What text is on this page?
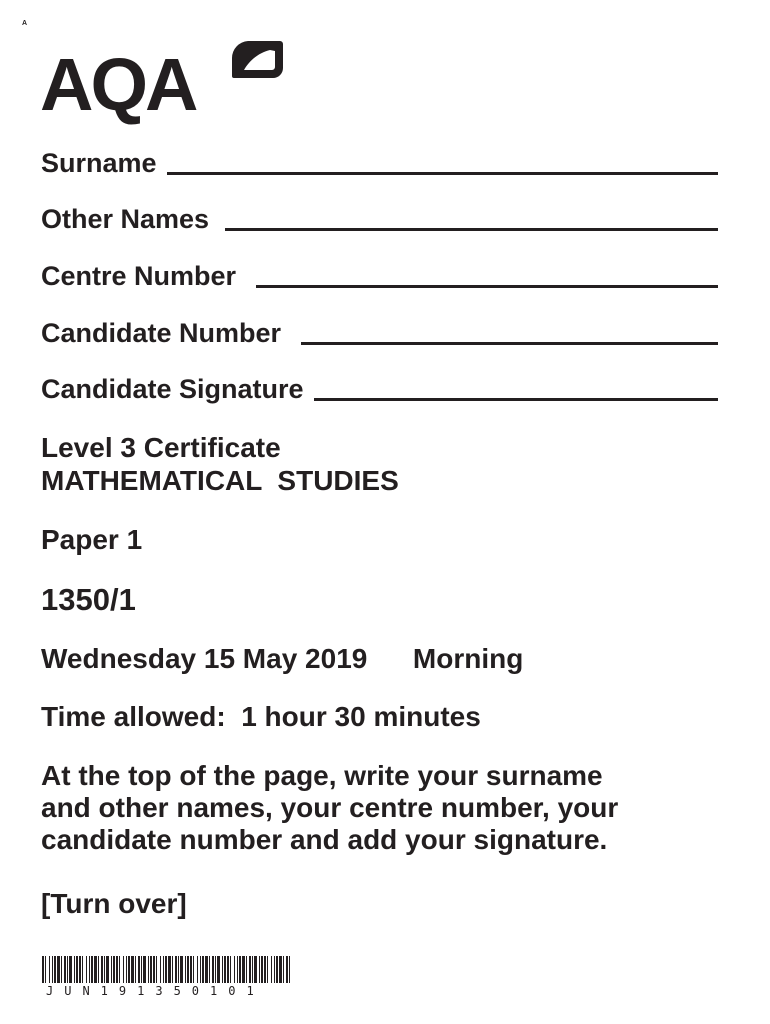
A
AQA
Surname
Other Names
Centre Number
Candidate Number
Candidate Signature
Level 3 Certificate
MATHEMATICAL  STUDIES
Paper 1
1350/1
Wednesday 15 May 2019 Morning
Time allowed:  1 hour 30 minutes
At the top of the page, write your surname
and other names, your centre number, your
candidate number and add your signature.
[Turn over]
JUN191350101
